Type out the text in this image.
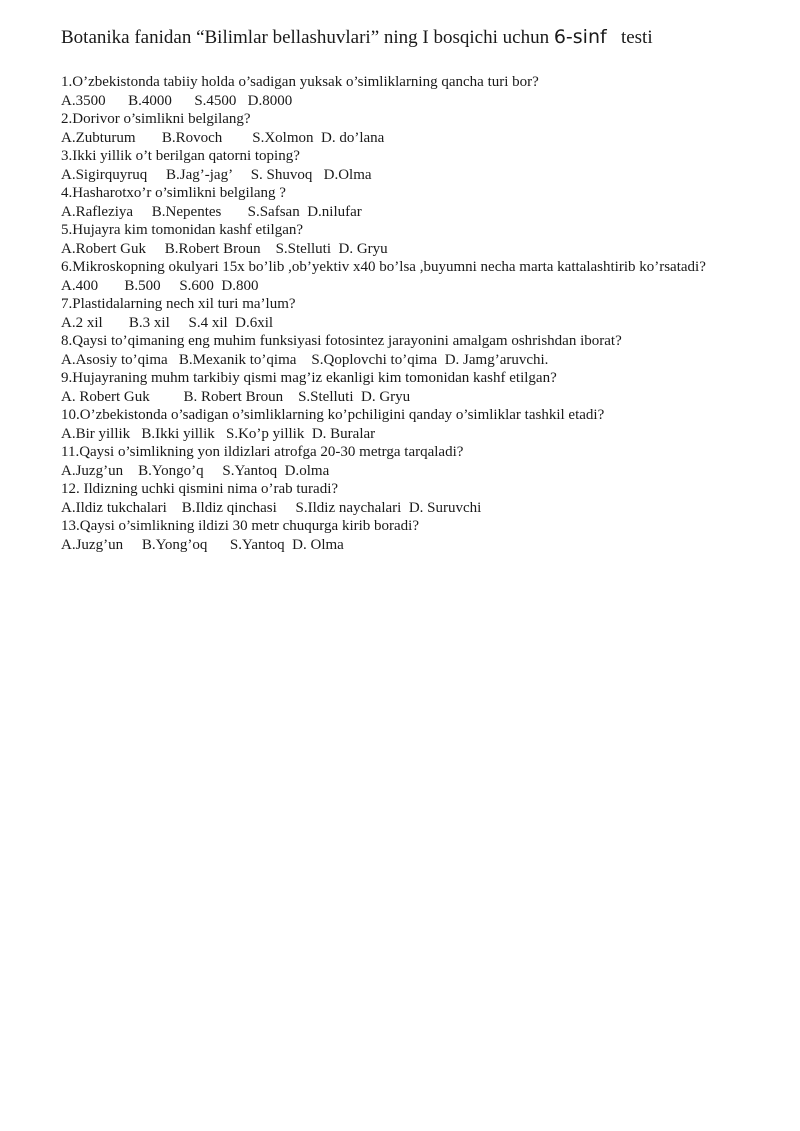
Botanika fanidan “Bilimlar bellashuvlari” ning I bosqichi uchun 6-sinf   testi

1.O’zbekistonda tabiiy holda o’sadigan yuksak o’simliklarning qancha turi bor?

A.3500      B.4000      S.4500   D.8000

2.Dorivor o’simlikni belgilang?

A.Zubturum       B.Rovoch        S.Xolmon  D. do’lana

3.Ikki yillik o’t berilgan qatorni toping?

A.Sigirquyruq     B.Jag’-jag’     S. Shuvoq   D.Olma

4.Hasharotxo’r o’simlikni belgilang ?

A.Rafleziya     B.Nepentes       S.Safsan  D.nilufar

5.Hujayra kim tomonidan kashf etilgan?

A.Robert Guk     B.Robert Broun    S.Stelluti  D. Gryu

6.Mikroskopning okulyari 15x bo’lib ,ob’yektiv x40 bo’lsa ,buyumni necha marta kattalashtirib ko’rsatadi?

A.400       B.500     S.600  D.800

7.Plastidalarning nech xil turi ma’lum?

A.2 xil       B.3 xil     S.4 xil  D.6xil

8.Qaysi to’qimaning eng muhim funksiyasi fotosintez jarayonini amalgam oshrishdan iborat?

A.Asosiy to’qima   B.Mexanik to’qima    S.Qoplovchi to’qima  D. Jamg’aruvchi.

9.Hujayraning muhm tarkibiy qismi mag’iz ekanligi kim tomonidan kashf etilgan?

A. Robert Guk         B. Robert Broun    S.Stelluti  D. Gryu

10.O’zbekistonda o’sadigan o’simliklarning ko’pchiligini qanday o’simliklar tashkil etadi?

A.Bir yillik   B.Ikki yillik   S.Ko’p yillik  D. Buralar

11.Qaysi o’simlikning yon ildizlari atrofga 20-30 metrga tarqaladi?

A.Juzg’un    B.Yongo’q     S.Yantoq  D.olma

12. Ildizning uchki qismini nima o’rab turadi?

A.Ildiz tukchalari    B.Ildiz qinchasi     S.Ildiz naychalari  D. Suruvchi

13.Qaysi o’simlikning ildizi 30 metr chuqurga kirib boradi?

A.Juzg’un     B.Yong’oq      S.Yantoq  D. Olma
